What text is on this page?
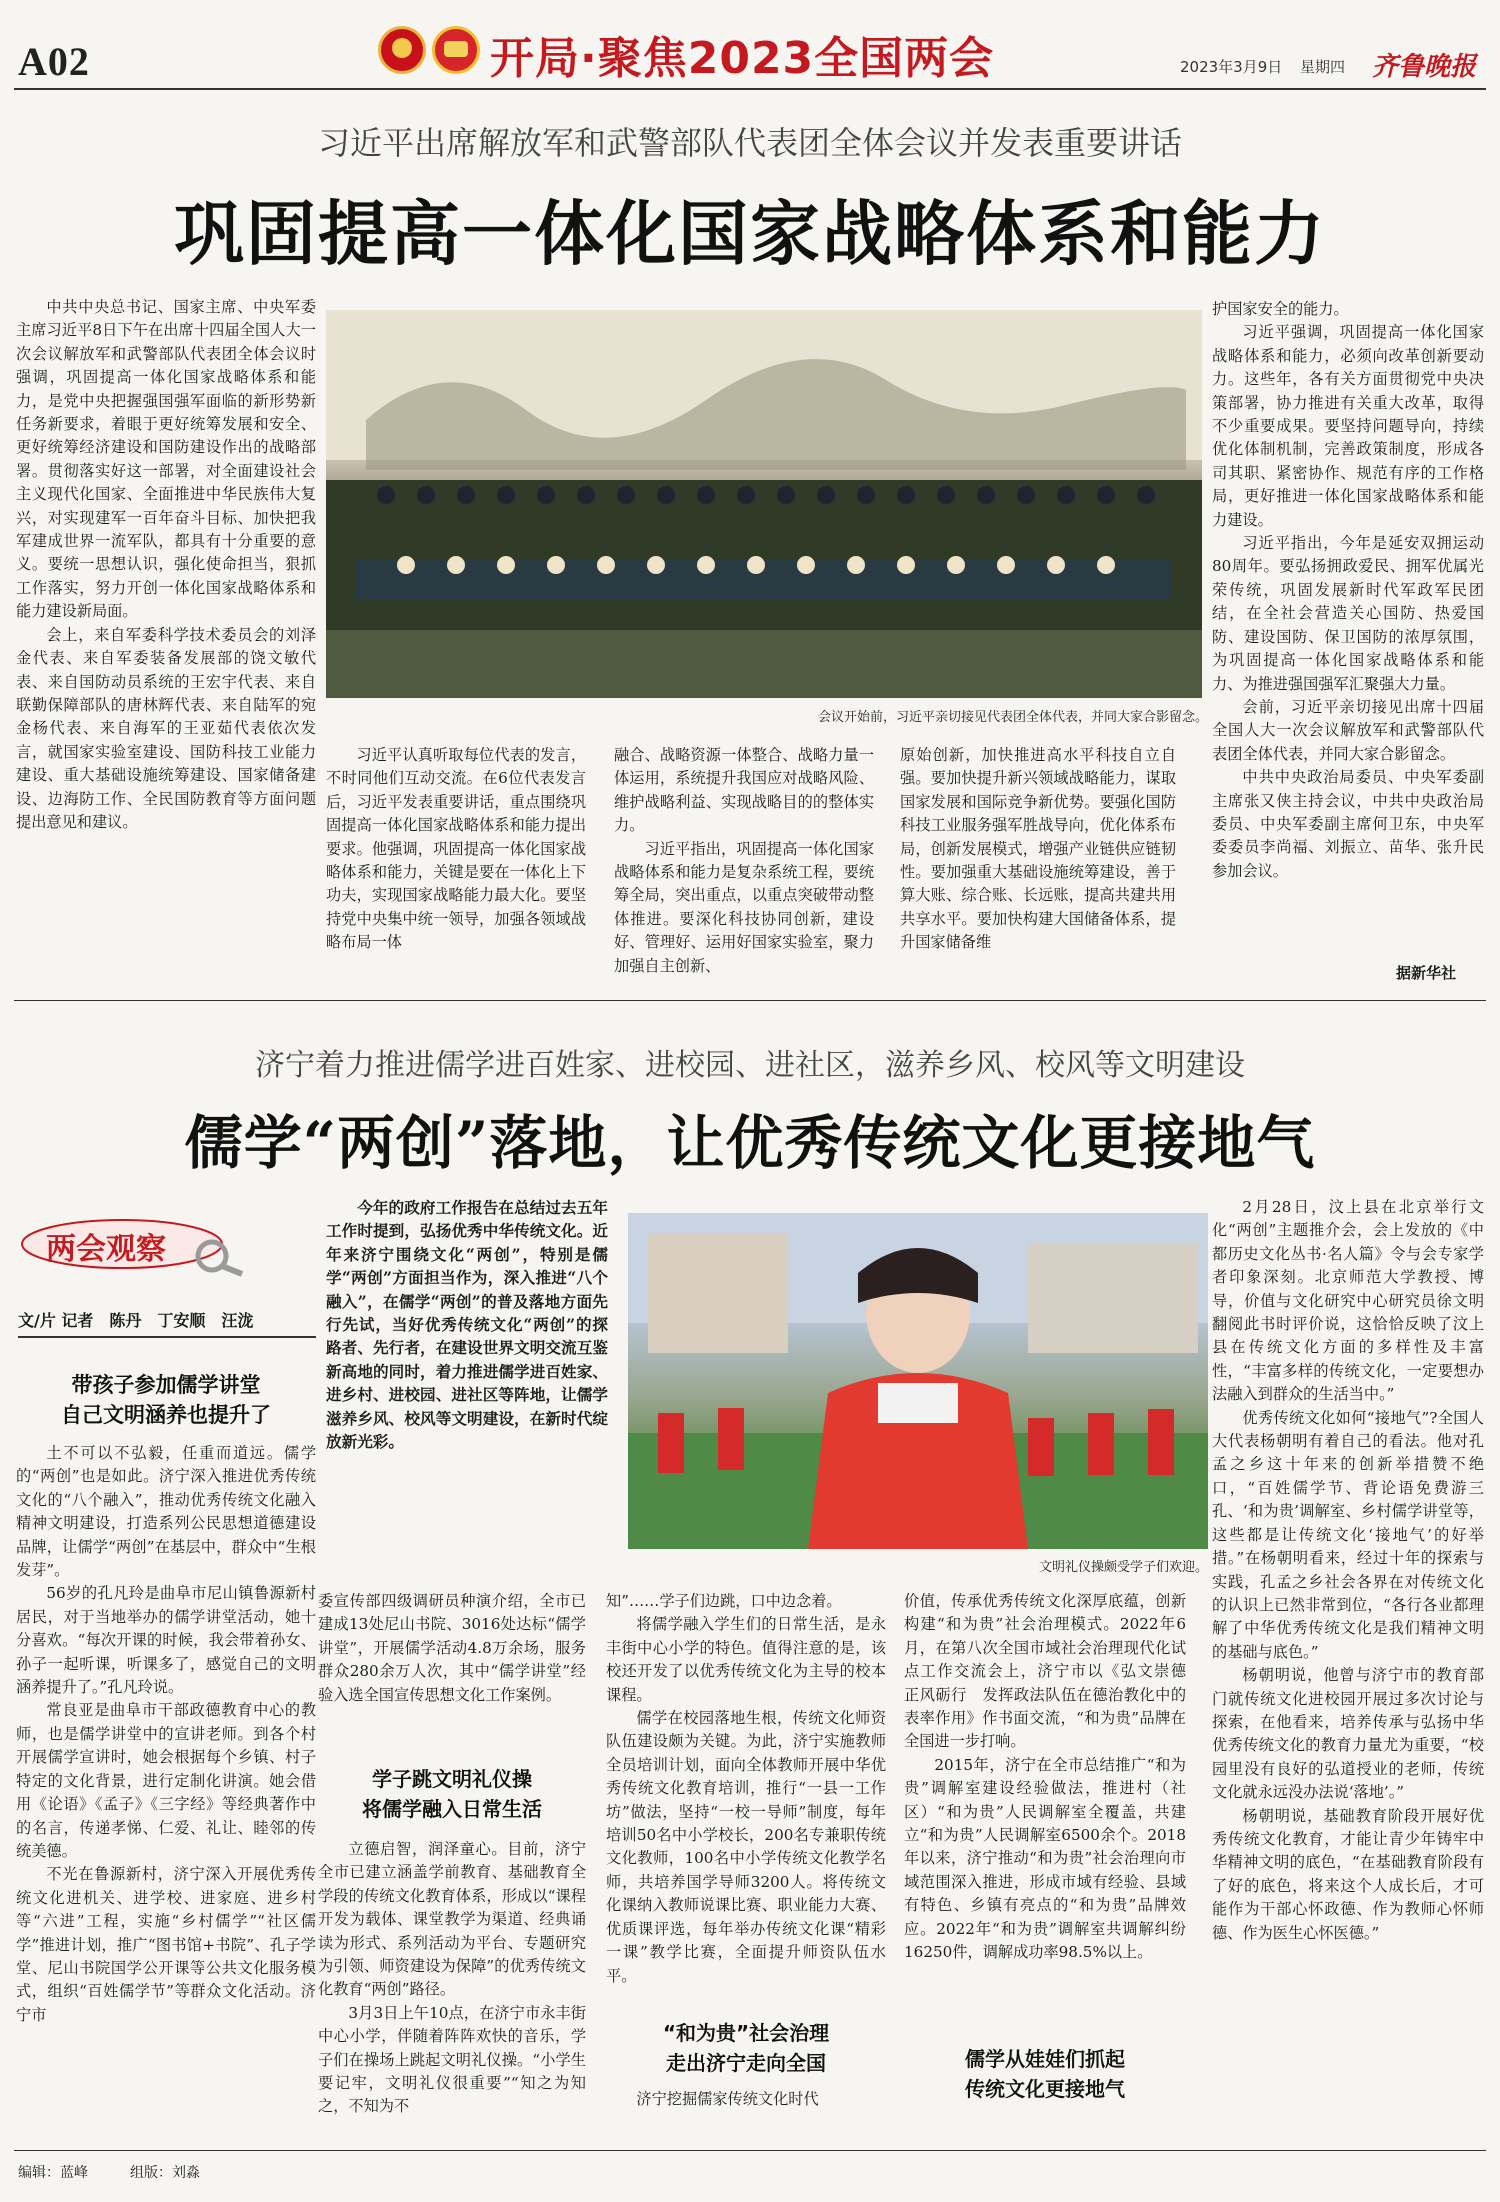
A02	开局·聚焦2023全国两会	2023年3月9日 星期四 齐鲁晚报
习近平出席解放军和武警部队代表团全体会议并发表重要讲话
巩固提高一体化国家战略体系和能力

中共中央总书记、国家主席、中央军委主席习近平8日下午在出席十四届全国人大一次会议解放军和武警部队代表团全体会议时强调，巩固提高一体化国家战略体系和能力，是党中央把握强国强军面临的新形势新任务新要求，着眼于更好统筹发展和安全、更好统筹经济建设和国防建设作出的战略部署。贯彻落实好这一部署，对全面建设社会主义现代化国家、全面推进中华民族伟大复兴，对实现建军一百年奋斗目标、加快把我军建成世界一流军队，都具有十分重要的意义。要统一思想认识，强化使命担当，狠抓工作落实，努力开创一体化国家战略体系和能力建设新局面。

会上，来自军委科学技术委员会的刘泽金代表、来自军委装备发展部的饶文敏代表、来自国防动员系统的王宏宇代表、来自联勤保障部队的唐林辉代表、来自陆军的宛金杨代表、来自海军的王亚茹代表依次发言，就国家实验室建设、国防科技工业能力建设、重大基础设施统筹建设、国家储备建设、边海防工作、全民国防教育等方面问题提出意见和建议。

会议开始前，习近平亲切接见代表团全体代表，并同大家合影留念。

习近平认真听取每位代表的发言，不时同他们互动交流。在6位代表发言后，习近平发表重要讲话，重点围绕巩固提高一体化国家战略体系和能力提出要求。他强调，巩固提高一体化国家战略体系和能力，关键是要在一体化上下功夫，实现国家战略能力最大化。要坚持党中央集中统一领导，加强各领域战略布局一体

融合、战略资源一体整合、战略力量一体运用，系统提升我国应对战略风险、维护战略利益、实现战略目的的整体实力。

习近平指出，巩固提高一体化国家战略体系和能力是复杂系统工程，要统筹全局，突出重点，以重点突破带动整体推进。要深化科技协同创新，建设好、管理好、运用好国家实验室，聚力加强自主创新、

原始创新，加快推进高水平科技自立自强。要加快提升新兴领域战略能力，谋取国家发展和国际竞争新优势。要强化国防科技工业服务强军胜战导向，优化体系布局，创新发展模式，增强产业链供应链韧性。要加强重大基础设施统筹建设，善于算大账、综合账、长远账，提高共建共用共享水平。要加快构建大国储备体系，提升国家储备维

护国家安全的能力。

习近平强调，巩固提高一体化国家战略体系和能力，必须向改革创新要动力。这些年，各有关方面贯彻党中央决策部署，协力推进有关重大改革，取得不少重要成果。要坚持问题导向，持续优化体制机制，完善政策制度，形成各司其职、紧密协作、规范有序的工作格局，更好推进一体化国家战略体系和能力建设。

习近平指出，今年是延安双拥运动80周年。要弘扬拥政爱民、拥军优属光荣传统，巩固发展新时代军政军民团结，在全社会营造关心国防、热爱国防、建设国防、保卫国防的浓厚氛围，为巩固提高一体化国家战略体系和能力、为推进强国强军汇聚强大力量。

会前，习近平亲切接见出席十四届全国人大一次会议解放军和武警部队代表团全体代表，并同大家合影留念。

中共中央政治局委员、中央军委副主席张又侠主持会议，中共中央政治局委员、中央军委副主席何卫东，中央军委委员李尚福、刘振立、苗华、张升民参加会议。

据新华社
济宁着力推进儒学进百姓家、进校园、进社区，滋养乡风、校风等文明建设
儒学“两创”落地，让优秀传统文化更接地气
两会观察
文/片 记者　陈丹　丁安顺　汪泷
带孩子参加儒学讲堂
自己文明涵养也提升了

土不可以不弘毅，任重而道远。儒学的“两创”也是如此。济宁深入推进优秀传统文化的“八个融入”，推动优秀传统文化融入精神文明建设，打造系列公民思想道德建设品牌，让儒学“两创”在基层中，群众中“生根发芽”。

56岁的孔凡玲是曲阜市尼山镇鲁源新村居民，对于当地举办的儒学讲堂活动，她十分喜欢。“每次开课的时候，我会带着孙女、孙子一起听课，听课多了，感觉自己的文明涵养提升了。”孔凡玲说。

常良亚是曲阜市干部政德教育中心的教师，也是儒学讲堂中的宣讲老师。到各个村开展儒学宣讲时，她会根据每个乡镇、村子特定的文化背景，进行定制化讲演。她会借用《论语》《孟子》《三字经》等经典著作中的名言，传递孝悌、仁爱、礼让、睦邻的传统美德。

不光在鲁源新村，济宁深入开展优秀传统文化进机关、进学校、进家庭、进乡村等“六进”工程，实施“乡村儒学”“社区儒学”推进计划，推广“图书馆+书院”、孔子学堂、尼山书院国学公开课等公共文化服务模式，组织“百姓儒学节”等群众文化活动。济宁市

今年的政府工作报告在总结过去五年工作时提到，弘扬优秀中华传统文化。近年来济宁围绕文化“两创”，特别是儒学“两创”方面担当作为，深入推进“八个融入”，在儒学“两创”的普及落地方面先行先试，当好优秀传统文化“两创”的探路者、先行者，在建设世界文明交流互鉴新高地的同时，着力推进儒学进百姓家、进乡村、进校园、进社区等阵地，让儒学滋养乡风、校风等文明建设，在新时代绽放新光彩。

文明礼仪操颇受学子们欢迎。

委宣传部四级调研员种演介绍，全市已建成13处尼山书院、3016处达标“儒学讲堂”，开展儒学活动4.8万余场，服务群众280余万人次，其中“儒学讲堂”经验入选全国宣传思想文化工作案例。

学子跳文明礼仪操
将儒学融入日常生活

立德启智，润泽童心。目前，济宁全市已建立涵盖学前教育、基础教育全学段的传统文化教育体系，形成以“课程开发为载体、课堂教学为渠道、经典诵读为形式、系列活动为平台、专题研究为引领、师资建设为保障”的优秀传统文化教育“两创”路径。

3月3日上午10点，在济宁市永丰街中心小学，伴随着阵阵欢快的音乐，学子们在操场上跳起文明礼仪操。“小学生要记牢，文明礼仪很重要”“知之为知之，不知为不

知”……学子们边跳，口中边念着。

将儒学融入学生们的日常生活，是永丰街中心小学的特色。值得注意的是，该校还开发了以优秀传统文化为主导的校本课程。

儒学在校园落地生根，传统文化师资队伍建设颇为关键。为此，济宁实施教师全员培训计划，面向全体教师开展中华优秀传统文化教育培训，推行“一县一工作坊”做法，坚持“一校一导师”制度，每年培训50名中小学校长，200名专兼职传统文化教师，100名中小学传统文化教学名师，共培养国学导师3200人。将传统文化课纳入教师说课比赛、职业能力大赛、优质课评选，每年举办传统文化课“精彩一课”教学比赛，全面提升师资队伍水平。

“和为贵”社会治理
走出济宁走向全国

济宁挖掘儒家传统文化时代

价值，传承优秀传统文化深厚底蕴，创新构建“和为贵”社会治理模式。2022年6月，在第八次全国市域社会治理现代化试点工作交流会上，济宁市以《弘文崇德　正风砺行　发挥政法队伍在德治教化中的表率作用》作书面交流，“和为贵”品牌在全国进一步打响。

2015年，济宁在全市总结推广“和为贵”调解室建设经验做法，推进村（社区）“和为贵”人民调解室全覆盖，共建立“和为贵”人民调解室6500余个。2018年以来，济宁推动“和为贵”社会治理向市域范围深入推进，形成市域有经验、县域有特色、乡镇有亮点的“和为贵”品牌效应。2022年“和为贵”调解室共调解纠纷16250件，调解成功率98.5%以上。

儒学从娃娃们抓起
传统文化更接地气

2月28日，汶上县在北京举行文化“两创”主题推介会，会上发放的《中都历史文化丛书·名人篇》令与会专家学者印象深刻。北京师范大学教授、博导，价值与文化研究中心研究员徐文明翻阅此书时评价说，这恰恰反映了汶上县在传统文化方面的多样性及丰富性，“丰富多样的传统文化，一定要想办法融入到群众的生活当中。”

优秀传统文化如何“接地气”?全国人大代表杨朝明有着自己的看法。他对孔孟之乡这十年来的创新举措赞不绝口，“百姓儒学节、背论语免费游三孔、‘和为贵’调解室、乡村儒学讲堂等，这些都是让传统文化‘接地气’的好举措。”在杨朝明看来，经过十年的探索与实践，孔孟之乡社会各界在对传统文化的认识上已然非常到位，“各行各业都理解了中华优秀传统文化是我们精神文明的基础与底色。”

杨朝明说，他曾与济宁市的教育部门就传统文化进校园开展过多次讨论与探索，在他看来，培养传承与弘扬中华优秀传统文化的教育力量尤为重要，“校园里没有良好的弘道授业的老师，传统文化就永远没办法说‘落地’。”

杨朝明说，基础教育阶段开展好优秀传统文化教育，才能让青少年铸牢中华精神文明的底色，“在基础教育阶段有了好的底色，将来这个人成长后，才可能作为干部心怀政德、作为教师心怀师德、作为医生心怀医德。”

编辑：蓝峰	组版：刘淼
